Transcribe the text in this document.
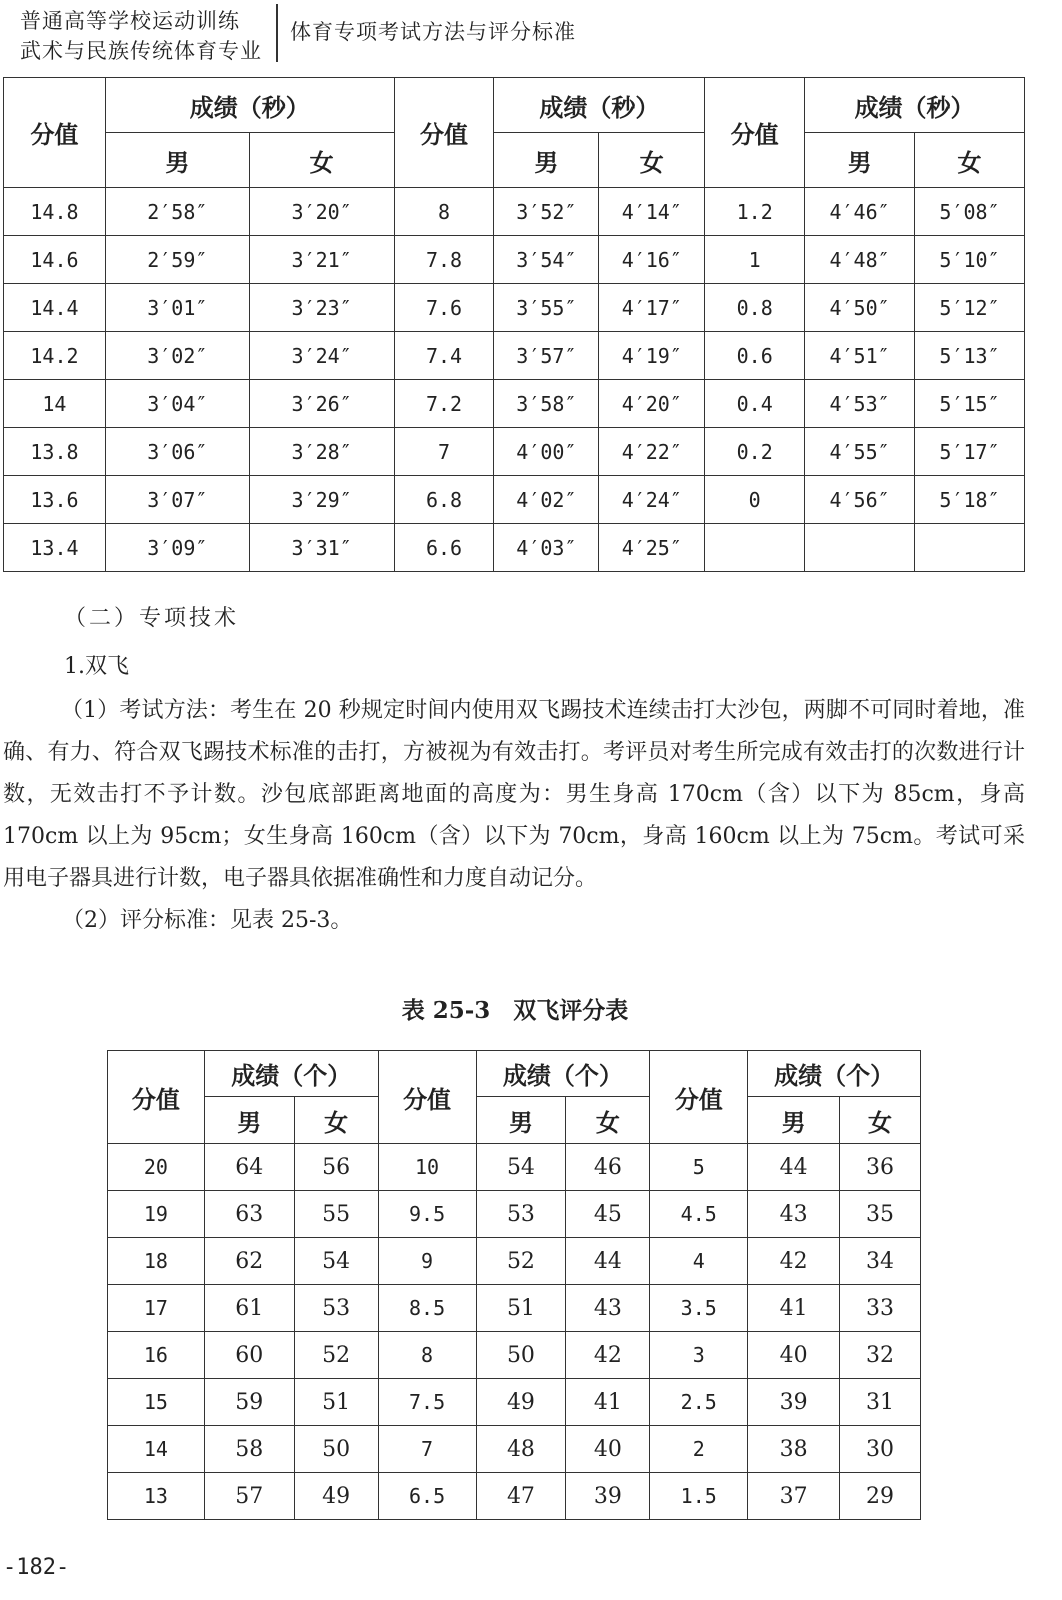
普通高等学校运动训练
武术与民族传统体育专业
体育专项考试方法与评分标准
分值	成绩（秒）		分值	成绩（秒）		分值	成绩（秒）	
	男	女		男	女		男	女
14.8	2′58″	3′20″	8	3′52″	4′14″	1.2	4′46″	5′08″
14.6	2′59″	3′21″	7.8	3′54″	4′16″	1	4′48″	5′10″
14.4	3′01″	3′23″	7.6	3′55″	4′17″	0.8	4′50″	5′12″
14.2	3′02″	3′24″	7.4	3′57″	4′19″	0.6	4′51″	5′13″
14	3′04″	3′26″	7.2	3′58″	4′20″	0.4	4′53″	5′15″
13.8	3′06″	3′28″	7	4′00″	4′22″	0.2	4′55″	5′17″
13.6	3′07″	3′29″	6.8	4′02″	4′24″	0	4′56″	5′18″
13.4	3′09″	3′31″	6.6	4′03″	4′25″			
（二）专项技术
1.双飞
（1）考试方法：考生在 20 秒规定时间内使用双飞踢技术连续击打大沙包，两脚不可同时着地，准确、有力、符合双飞踢技术标准的击打，方被视为有效击打。考评员对考生所完成有效击打的次数进行计数，无效击打不予计数。沙包底部距离地面的高度为：男生身高 170cm（含）以下为 85cm，身高 170cm 以上为 95cm；女生身高 160cm（含）以下为 70cm，身高 160cm 以上为 75cm。考试可采用电子器具进行计数，电子器具依据准确性和力度自动记分。
（2）评分标准：见表 25-3。
表 25-3　双飞评分表
分值	成绩（个）		分值	成绩（个）		分值	成绩（个）	
	男	女		男	女		男	女
20	64	56	10	54	46	5	44	36
19	63	55	9.5	53	45	4.5	43	35
18	62	54	9	52	44	4	42	34
17	61	53	8.5	51	43	3.5	41	33
16	60	52	8	50	42	3	40	32
15	59	51	7.5	49	41	2.5	39	31
14	58	50	7	48	40	2	38	30
13	57	49	6.5	47	39	1.5	37	29
-182-
